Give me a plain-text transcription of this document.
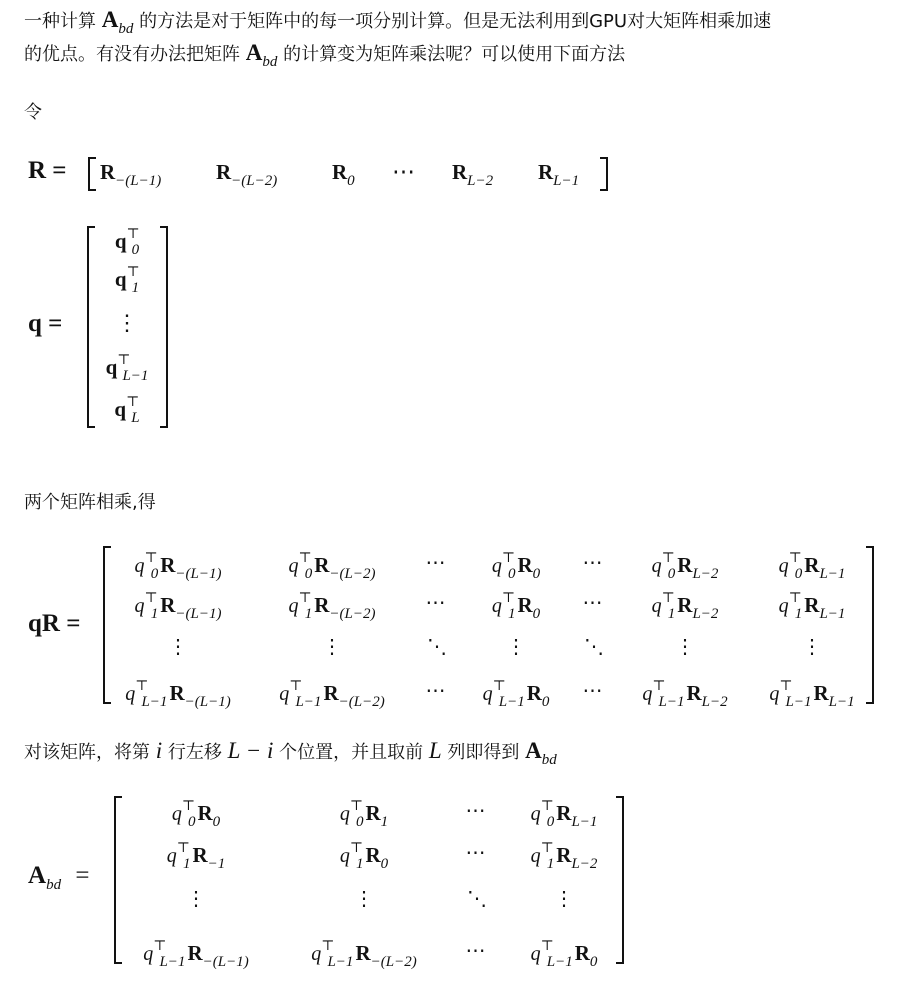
一种计算 $A_{bd}$ 的方法是对于矩阵中的每一项分别计算。但是无法利用到GPU对大矩阵相乘加速
的优点。有没有办法把矩阵 $A_{bd}$ 的计算变为矩阵乘法呢？可以使用下面方法
令
$R = R_{-(L-1)}$	$R_{-(L-2)}$	$R_0$ ⋯ $R_{L-2}$ $R_{L-1}$
q =
$q^⊤_0$
$q^⊤_1$
⋮
$q^⊤_{L-1}$
$q^⊤_L$
两个矩阵相乘,得
qR =
$q^⊤_0R_{-(L-1)}$	$q^⊤_0R_{-(L-2)}$	⋯	$q^⊤_0R_0$	⋯	$q^⊤_0R_{L-2}$	$q^⊤_0R_{L-1}$
$q^⊤_1R_{-(L-1)}$	$q^⊤_1R_{-(L-2)}$	⋯	$q^⊤_1R_0$	⋯	$q^⊤_1R_{L-2}$	$q^⊤_1R_{L-1}$
⋮	⋮	⋱	⋮	⋱	⋮	⋮
$q^⊤_{L-1}R_{-(L-1)}$	$q^⊤_{L-1}R_{-(L-2)}$	⋯	$q^⊤_{L-1}R_0$	⋯	$q^⊤_{L-1}R_{L-2}$	$q^⊤_{L-1}R_{L-1}$
对该矩阵，将第 i 行左移 L − i 个位置，并且取前 L 列即得到 $A_{bd}$
$A_{bd}$ =
$q^⊤_0R_0$	$q^⊤_0R_1$	⋯	$q^⊤_0R_{L-1}$
$q^⊤_1R_{-1}$	$q^⊤_1R_0$	⋯	$q^⊤_1R_{L-2}$
⋮	⋮	⋱	⋮
$q^⊤_{L-1}R_{-(L-1)}$	$q^⊤_{L-1}R_{-(L-2)}$	⋯	$q^⊤_{L-1}R_0$
